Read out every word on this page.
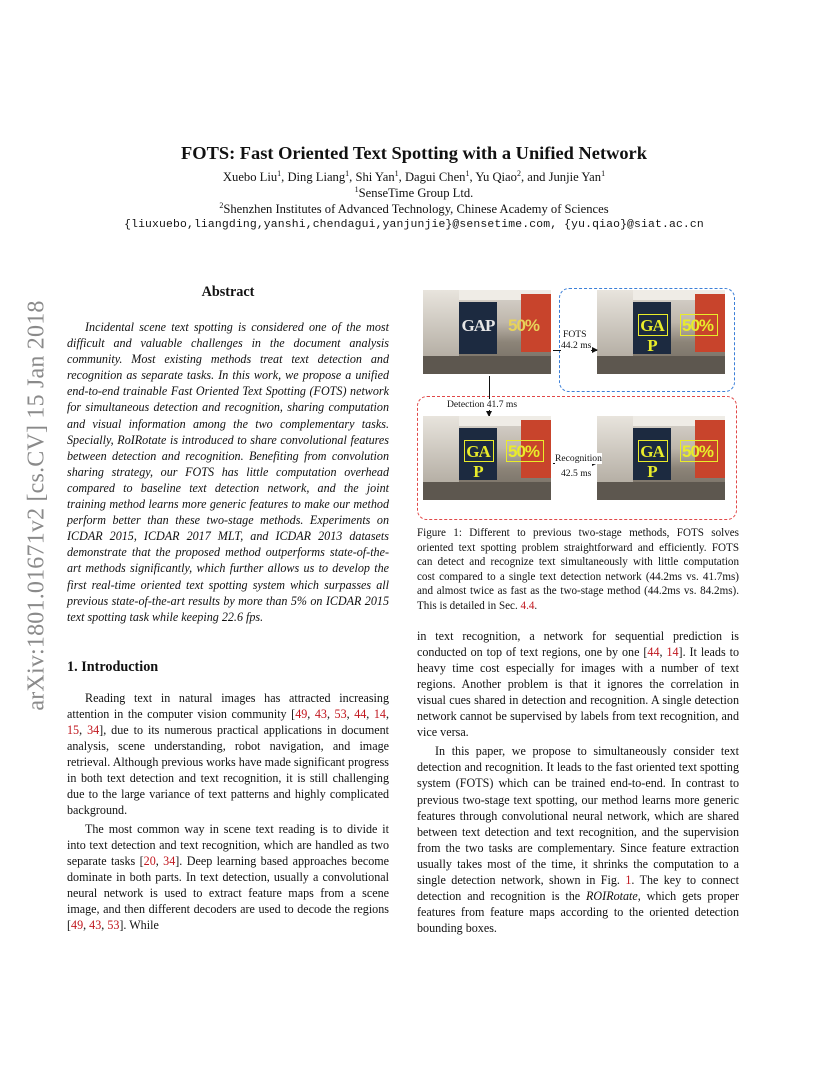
arXiv:1801.01671v2 [cs.CV] 15 Jan 2018
FOTS: Fast Oriented Text Spotting with a Unified Network
Xuebo Liu$^1$, Ding Liang$^1$, Shi Yan$^1$, Dagui Chen$^1$, Yu Qiao$^2$, and Junjie Yan$^1$
$^1$SenseTime Group Ltd.
$^2$Shenzhen Institutes of Advanced Technology, Chinese Academy of Sciences
{liuxuebo,liangding,yanshi,chendagui,yanjunjie}@sensetime.com, {yu.qiao}@siat.ac.cn
Abstract

Incidental scene text spotting is considered one of the most difficult and valuable challenges in the document analysis community. Most existing methods treat text detection and recognition as separate tasks. In this work, we propose a unified end-to-end trainable Fast Oriented Text Spotting (FOTS) network for simultaneous detection and recognition, sharing computation and visual information among the two complementary tasks. Specially, RoIRotate is introduced to share convolutional features between detection and recognition. Benefiting from convolution sharing strategy, our FOTS has little computation overhead compared to baseline text detection network, and the joint training method learns more generic features to make our method perform better than these two-stage methods. Experiments on ICDAR 2015, ICDAR 2017 MLT, and ICDAR 2013 datasets demonstrate that the proposed method outperforms state-of-the-art methods significantly, which further allows us to develop the first real-time oriented text spotting system which surpasses all previous state-of-the-art results by more than 5% on ICDAR 2015 text spotting task while keeping 22.6 fps.

1. Introduction

Reading text in natural images has attracted increasing attention in the computer vision community [49, 43, 53, 44, 14, 15, 34], due to its numerous practical applications in document analysis, scene understanding, robot navigation, and image retrieval. Although previous works have made significant progress in both text detection and text recognition, it is still challenging due to the large variance of text patterns and highly complicated background.

The most common way in scene text reading is to divide it into text detection and text recognition, which are handled as two separate tasks [20, 34]. Deep learning based approaches become dominate in both parts. In text detection, usually a convolutional neural network is used to extract feature maps from a scene image, and then different decoders are used to decode the regions [49, 43, 53]. While

GAP 50%	GA P
50%
FOTS
44.2 ms
Detection 41.7 ms
GA P
50%	GA P
50%
Recognition
42.5 ms

Figure 1: Different to previous two-stage methods, FOTS solves oriented text spotting problem straightforward and efficiently. FOTS can detect and recognize text simultaneously with little computation cost compared to a single text detection network (44.2ms vs. 41.7ms) and almost twice as fast as the two-stage method (44.2ms vs. 84.2ms). This is detailed in Sec. 4.4.

in text recognition, a network for sequential prediction is conducted on top of text regions, one by one [44, 14]. It leads to heavy time cost especially for images with a number of text regions. Another problem is that it ignores the correlation in visual cues shared in detection and recognition. A single detection network cannot be supervised by labels from text recognition, and vice versa.

In this paper, we propose to simultaneously consider text detection and recognition. It leads to the fast oriented text spotting system (FOTS) which can be trained end-to-end. In contrast to previous two-stage text spotting, our method learns more generic features through convolutional neural network, which are shared between text detection and text recognition, and the supervision from the two tasks are complementary. Since feature extraction usually takes most of the time, it shrinks the computation to a single detection network, shown in Fig. 1. The key to connect detection and recognition is the ROIRotate, which gets proper features from feature maps according to the oriented detection bounding boxes.
